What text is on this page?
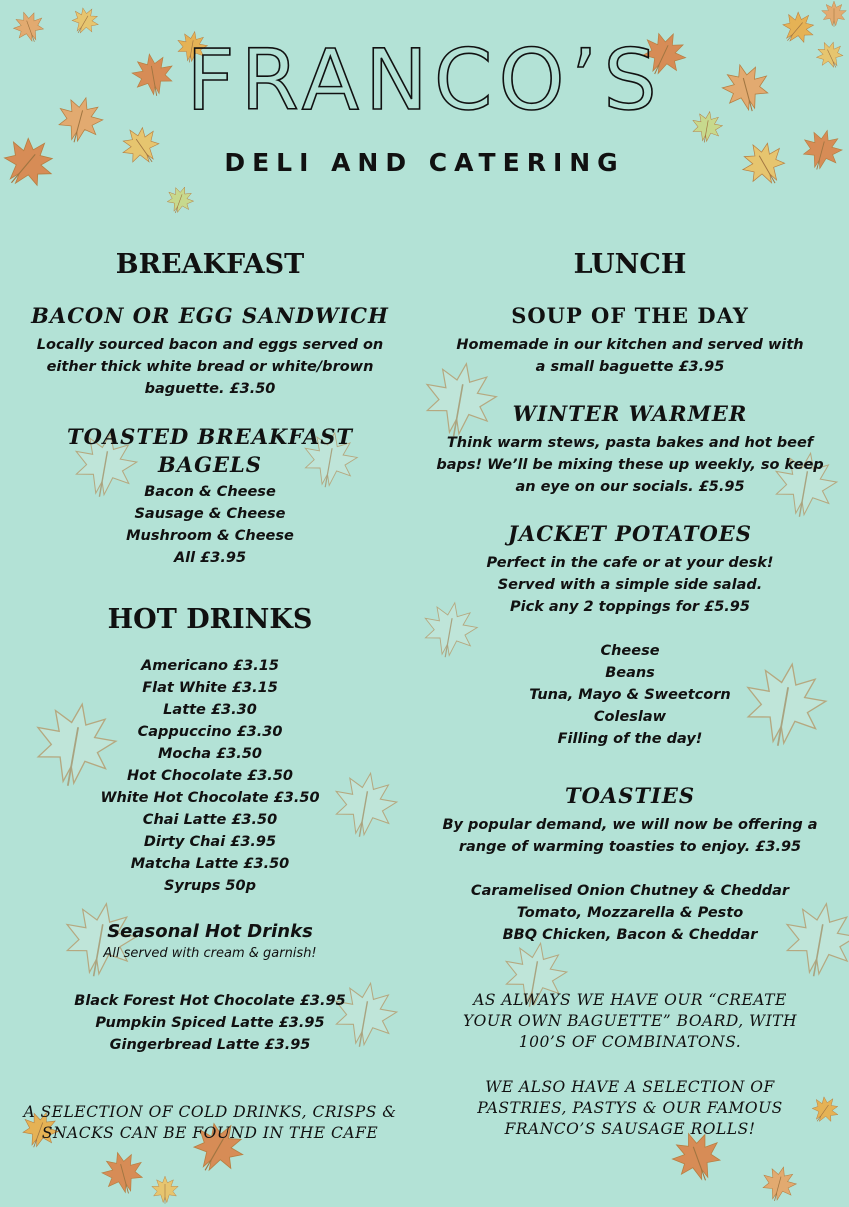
FRANCO’S
DELI AND CATERING
BREAKFAST
BACON OR EGG SANDWICH

Locally sourced bacon and eggs served on either thick white bread or white/brown baguette. £3.50

TOASTED BREAKFAST BAGELS
Bacon & Cheese
Sausage & Cheese
Mushroom & Cheese
All £3.95
HOT DRINKS
Americano £3.15
Flat White £3.15
Latte £3.30
Cappuccino £3.30
Mocha £3.50
Hot Chocolate £3.50
White Hot Chocolate £3.50
Chai Latte £3.50
Dirty Chai £3.95
Matcha Latte £3.50
Syrups 50p

Seasonal Hot Drinks

All served with cream & garnish!

Black Forest Hot Chocolate £3.95
Pumpkin Spiced Latte £3.95
Gingerbread Latte £3.95

A SELECTION OF COLD DRINKS, CRISPS & SNACKS CAN BE FOUND IN THE CAFE

LUNCH
SOUP OF THE DAY

Homemade in our kitchen and served with a small baguette £3.95

WINTER WARMER

Think warm stews, pasta bakes and hot beef baps! We’ll be mixing these up weekly, so keep an eye on our socials. £5.95

JACKET POTATOES
Perfect in the cafe or at your desk!
Served with a simple side salad.
Pick any 2 toppings for £5.95
Cheese
Beans
Tuna, Mayo & Sweetcorn
Coleslaw
Filling of the day!
TOASTIES

By popular demand, we will now be offering a range of warming toasties to enjoy. £3.95

Caramelised Onion Chutney & Cheddar
Tomato, Mozzarella & Pesto
BBQ Chicken, Bacon & Cheddar

AS ALWAYS WE HAVE OUR “CREATE YOUR OWN BAGUETTE” BOARD, WITH 100’S OF COMBINATONS.

WE ALSO HAVE A SELECTION OF PASTRIES, PASTYS & OUR FAMOUS FRANCO’S SAUSAGE ROLLS!
